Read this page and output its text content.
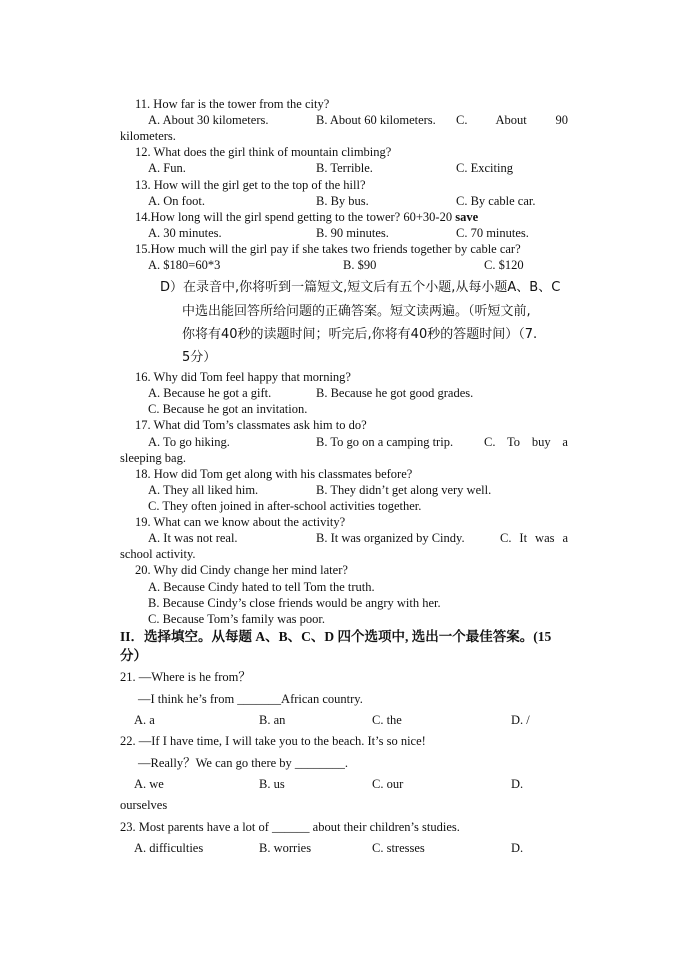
11. How far is the tower from the city?
A. About 30 kilometers.	B. About 60 kilometers. C. About 90
kilometers.
12. What does the girl think of mountain climbing?
A. Fun.	B. Terrible.	C. Exciting
13. How will the girl get to the top of the hill?
A. On foot.	B. By bus.	C. By cable car.
14.How long will the girl spend getting to the tower? 60+30-20 save
A. 30 minutes.	B. 90 minutes.	C. 70 minutes.
15.How much will the girl pay if she takes two friends together by cable car?
A. $180=60*3	B. $90	C. $120
D）在录音中,你将听到一篇短文,短文后有五个小题,从每小题A、B、C
中选出能回答所给问题的正确答案。短文读两遍。（听短文前,
你将有40秒的读题时间；听完后,你将有40秒的答题时间）（7.
5分）
16. Why did Tom feel happy that morning?
A. Because he got a gift.	B. Because he got good grades.
C. Because he got an invitation.
17. What did Tom’s classmates ask him to do?
A. To go hiking.	B. To go on a camping trip. C. To buy a
sleeping bag.
18. How did Tom get along with his classmates before?
A. They all liked him.	B. They didn’t get along very well.
C. They often joined in after-school activities together.
19. What can we know about the activity?
A. It was not real.	B. It was organized by Cindy.	C. It was a
school activity.
20. Why did Cindy change her mind later?
A. Because Cindy hated to tell Tom the truth.
B. Because Cindy’s close friends would be angry with her.
C. Because Tom’s family was poor.
II．选择填空。从每题 A、B、C、D 四个选项中, 选出一个最佳答案。(15
分）
21. —Where is he from？
—I think he’s from _______African country.
A. a	B. an	C. the	D. /
22. —If I have time, I will take you to the beach. It’s so nice!
—Really？We can go there by ________.
A. we	B. us	C. our	D.
ourselves
23. Most parents have a lot of ______ about their children’s studies.
A. difficulties	B. worries	C. stresses	D.
